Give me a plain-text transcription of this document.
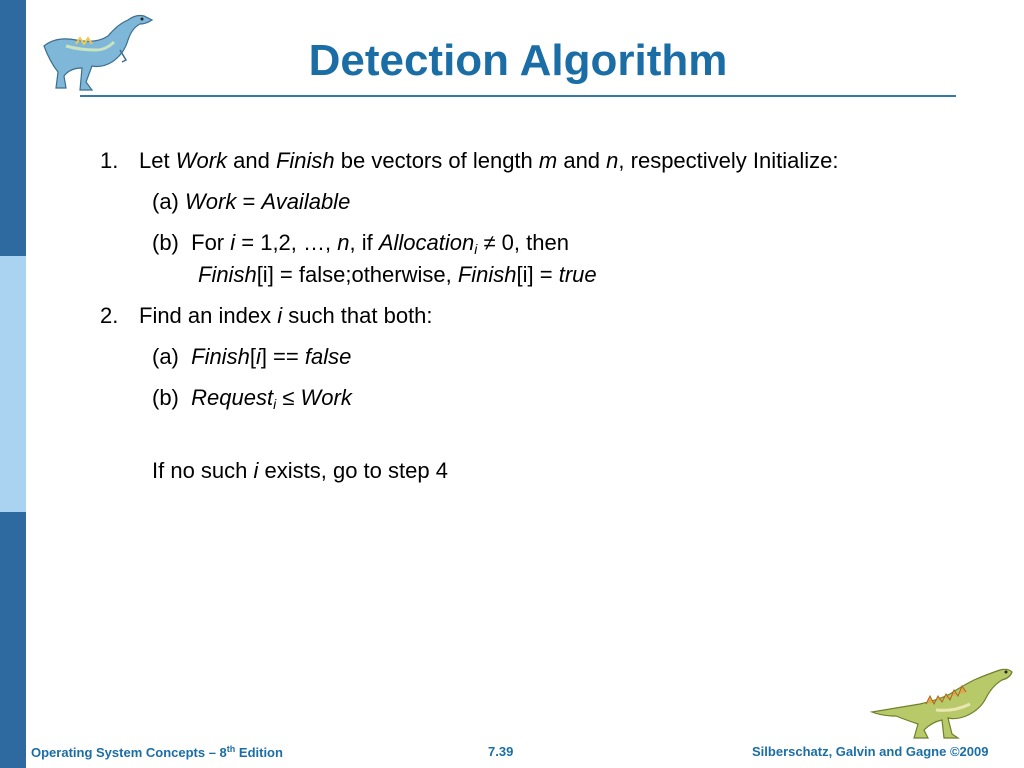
Detection Algorithm
1. Let Work and Finish be vectors of length m and n, respectively Initialize:
(a) Work = Available
(b) For i = 1,2, …, n, if Allocation$_i$ ≠ 0, then
Finish[i] = false;otherwise, Finish[i] = true
2. Find an index i such that both:
(a) Finish[i] == false
(b) Request$_i$ ≤ Work
If no such i exists, go to step 4
Operating System Concepts – 8th Edition	7.39	Silberschatz, Galvin and Gagne ©2009
